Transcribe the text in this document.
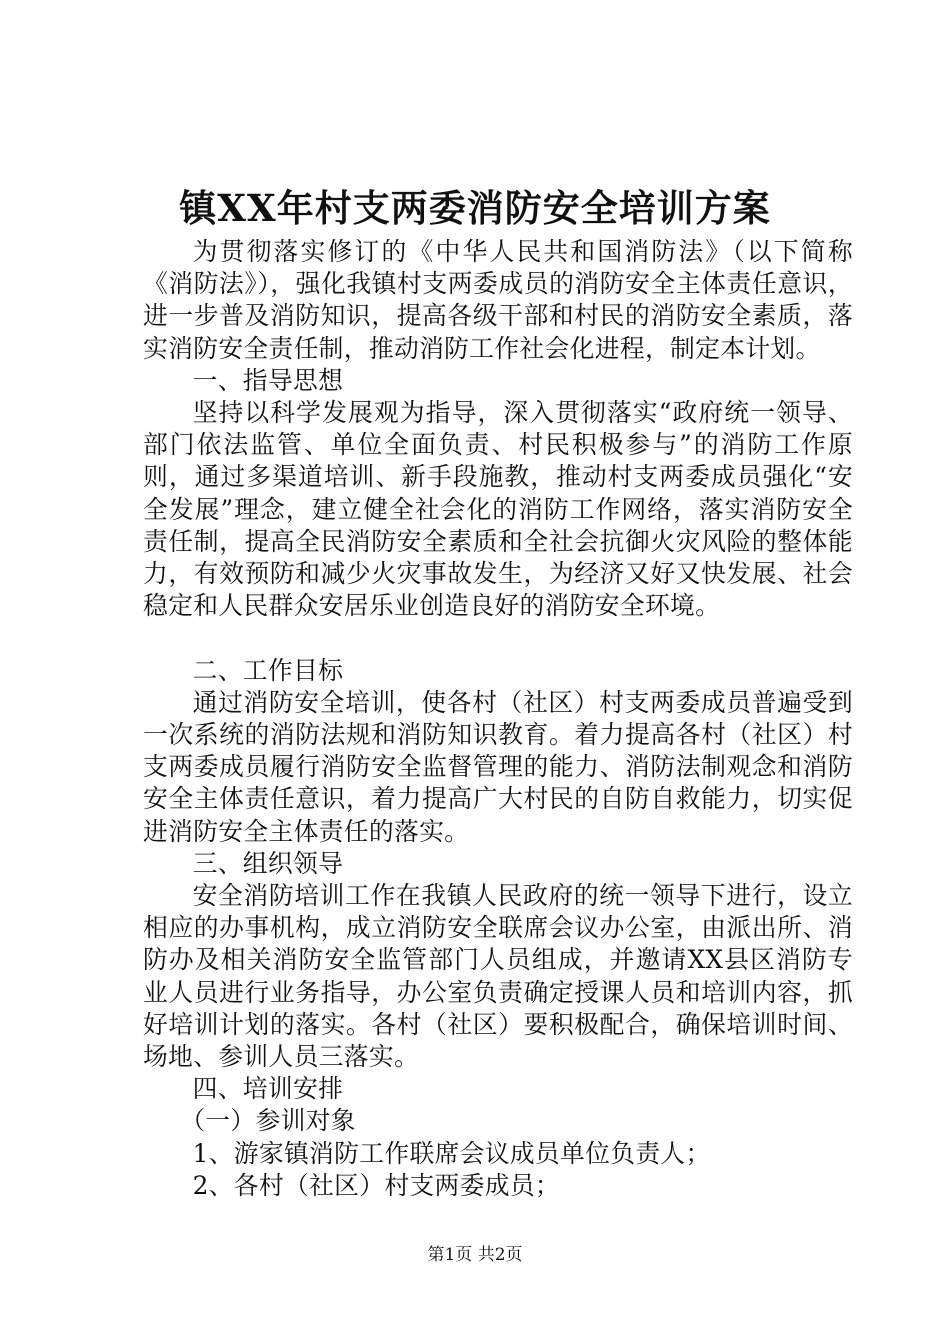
镇XX年村支两委消防安全培训方案

为贯彻落实修订的《中华人民共和国消防法》（以下简称《消防法》），强化我镇村支两委成员的消防安全主体责任意识，进一步普及消防知识，提高各级干部和村民的消防安全素质，落实消防安全责任制，推动消防工作社会化进程，制定本计划。

一、指导思想

坚持以科学发展观为指导，深入贯彻落实“政府统一领导、部门依法监管、单位全面负责、村民积极参与”的消防工作原则，通过多渠道培训、新手段施教，推动村支两委成员强化“安全发展”理念，建立健全社会化的消防工作网络，落实消防安全责任制，提高全民消防安全素质和全社会抗御火灾风险的整体能力，有效预防和减少火灾事故发生，为经济又好又快发展、社会稳定和人民群众安居乐业创造良好的消防安全环境。

二、工作目标

通过消防安全培训，使各村（社区）村支两委成员普遍受到一次系统的消防法规和消防知识教育。着力提高各村（社区）村支两委成员履行消防安全监督管理的能力、消防法制观念和消防安全主体责任意识，着力提高广大村民的自防自救能力，切实促进消防安全主体责任的落实。

三、组织领导

安全消防培训工作在我镇人民政府的统一领导下进行，设立相应的办事机构，成立消防安全联席会议办公室，由派出所、消防办及相关消防安全监管部门人员组成，并邀请XX县区消防专业人员进行业务指导，办公室负责确定授课人员和培训内容，抓好培训计划的落实。各村（社区）要积极配合，确保培训时间、场地、参训人员三落实。

四、培训安排

（一）参训对象

1、游家镇消防工作联席会议成员单位负责人；

2、各村（社区）村支两委成员；

第1页 共2页
